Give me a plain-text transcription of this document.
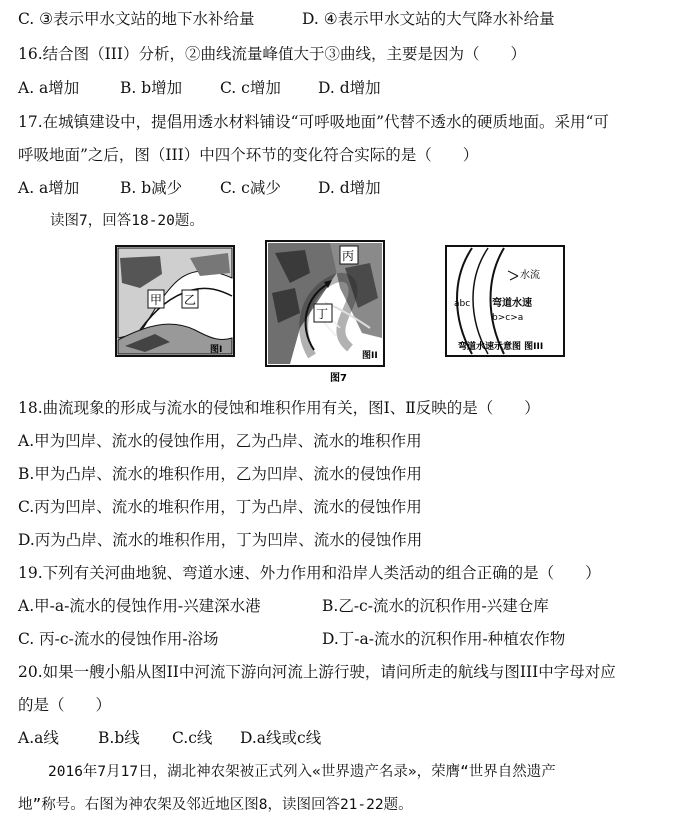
C. ③表示甲水文站的地下水补给量	D. ④表示甲水文站的大气降水补给量
16.结合图（III）分析，②曲线流量峰值大于③曲线，主要是因为（　　）
A. a增加	B. b增加 C. c增加 D. d增加
17.在城镇建设中，提倡用透水材料铺设“可呼吸地面”代替不透水的硬质地面。采用“可
呼吸地面”之后，图（III）中四个环节的变化符合实际的是（　　）
A. a增加	B. b减少 C. c减少 D. d增加
读图7，回答18-20题。
甲 乙
图I
丙
丁
图II
水流
abc 弯道水速
b>c>a
弯道水速示意图 图III
图7
18.曲流现象的形成与流水的侵蚀和堆积作用有关，图Ⅰ、Ⅱ反映的是（　　）
A.甲为凹岸、流水的侵蚀作用，乙为凸岸、流水的堆积作用
B.甲为凸岸、流水的堆积作用，乙为凹岸、流水的侵蚀作用
C.丙为凹岸、流水的堆积作用，丁为凸岸、流水的侵蚀作用
D.丙为凸岸、流水的堆积作用，丁为凹岸、流水的侵蚀作用
19.下列有关河曲地貌、弯道水速、外力作用和沿岸人类活动的组合正确的是（　　）
A.甲-a-流水的侵蚀作用-兴建深水港	B.乙-c-流水的沉积作用-兴建仓库
C. 丙-c-流水的侵蚀作用-浴场	D.丁-a-流水的沉积作用-种植农作物
20.如果一艘小船从图II中河流下游向河流上游行驶，请问所走的航线与图III中字母对应
的是（　　）
A.a线	B.b线 C.c线 D.a线或c线
2016年7月17日，湖北神农架被正式列入«世界遗产名录»，荣膺“世界自然遗产
地”称号。右图为神农架及邻近地区图8，读图回答21-22题。
